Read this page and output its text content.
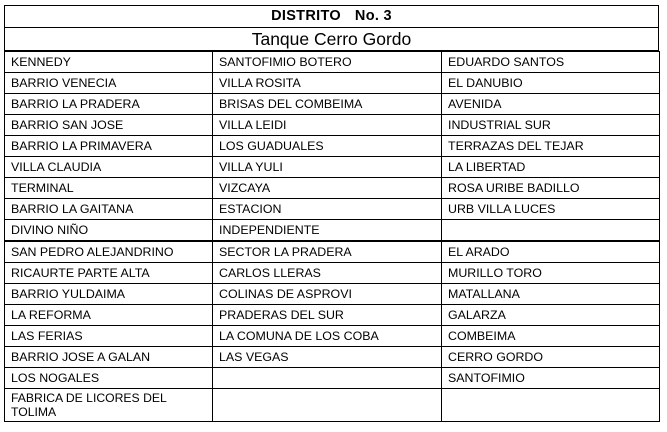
DISTRITO No. 3
Tanque Cerro Gordo
KENNEDY	SANTOFIMIO BOTERO	EDUARDO SANTOS
BARRIO VENECIA	VILLA ROSITA	EL DANUBIO
BARRIO LA PRADERA	BRISAS DEL COMBEIMA	AVENIDA
BARRIO SAN JOSE	VILLA LEIDI	INDUSTRIAL SUR
BARRIO LA PRIMAVERA	LOS GUADUALES	TERRAZAS DEL TEJAR
VILLA CLAUDIA	VILLA YULI	LA LIBERTAD
TERMINAL	VIZCAYA	ROSA URIBE BADILLO
BARRIO LA GAITANA	ESTACION	URB VILLA LUCES
DIVINO NIÑO	INDEPENDIENTE	
SAN PEDRO ALEJANDRINO	SECTOR LA PRADERA	EL ARADO
RICAURTE PARTE ALTA	CARLOS LLERAS	MURILLO TORO
BARRIO YULDAIMA	COLINAS DE ASPROVI	MATALLANA
LA REFORMA	PRADERAS DEL SUR	GALARZA
LAS FERIAS	LA COMUNA DE LOS COBA	COMBEIMA
BARRIO JOSE A GALAN	LAS VEGAS	CERRO GORDO
LOS NOGALES		SANTOFIMIO
FABRICA DE LICORES DEL TOLIMA		
